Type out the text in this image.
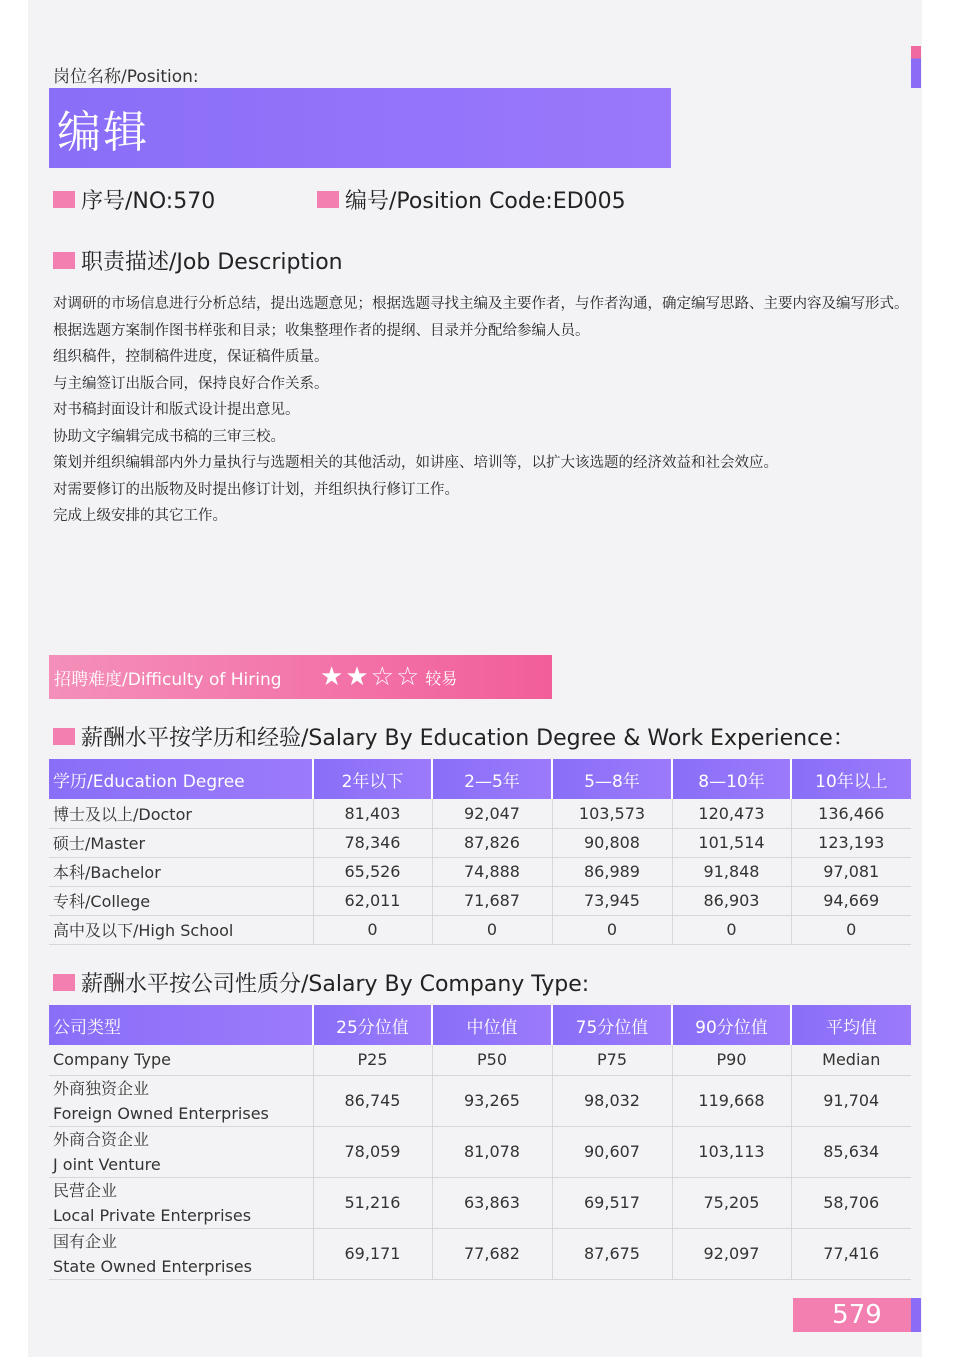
岗位名称/Position:
编辑
序号/NO:570	编号/Position Code:ED005
职责描述/Job Description

对调研的市场信息进行分析总结，提出选题意见；根据选题寻找主编及主要作者，与作者沟通，确定编写思路、主要内容及编写形式。

根据选题方案制作图书样张和目录；收集整理作者的提纲、目录并分配给参编人员。

组织稿件，控制稿件进度，保证稿件质量。

与主编签订出版合同，保持良好合作关系。

对书稿封面设计和版式设计提出意见。

协助文字编辑完成书稿的三审三校。

策划并组织编辑部内外力量执行与选题相关的其他活动，如讲座、培训等，以扩大该选题的经济效益和社会效应。

对需要修订的出版物及时提出修订计划，并组织执行修订工作。

完成上级安排的其它工作。

招聘难度/Difficulty of Hiring	★★☆☆ 较易
薪酬水平按学历和经验/Salary By Education Degree & Work Experience：
学历/Education Degree	2年以下	2—5年	5—8年	8—10年	10年以上
博士及以上/Doctor	81,403	92,047	103,573	120,473	136,466
硕士/Master	78,346	87,826	90,808	101,514	123,193
本科/Bachelor	65,526	74,888	86,989	91,848	97,081
专科/College	62,011	71,687	73,945	86,903	94,669
高中及以下/High School	0	0	0	0	0
薪酬水平按公司性质分/Salary By Company Type:
公司类型	25分位值	中位值	75分位值	90分位值	平均值
Company Type	P25	P50	P75	P90	Median

外商独资企业
Foreign Owned Enterprises	86,745	93,265	98,032	119,668	91,704

外商合资企业
J oint Venture	78,059	81,078	90,607	103,113	85,634

民营企业
Local Private Enterprises	51,216	63,863	69,517	75,205	58,706

国有企业
State Owned Enterprises	69,171	77,682	87,675	92,097	77,416
579
